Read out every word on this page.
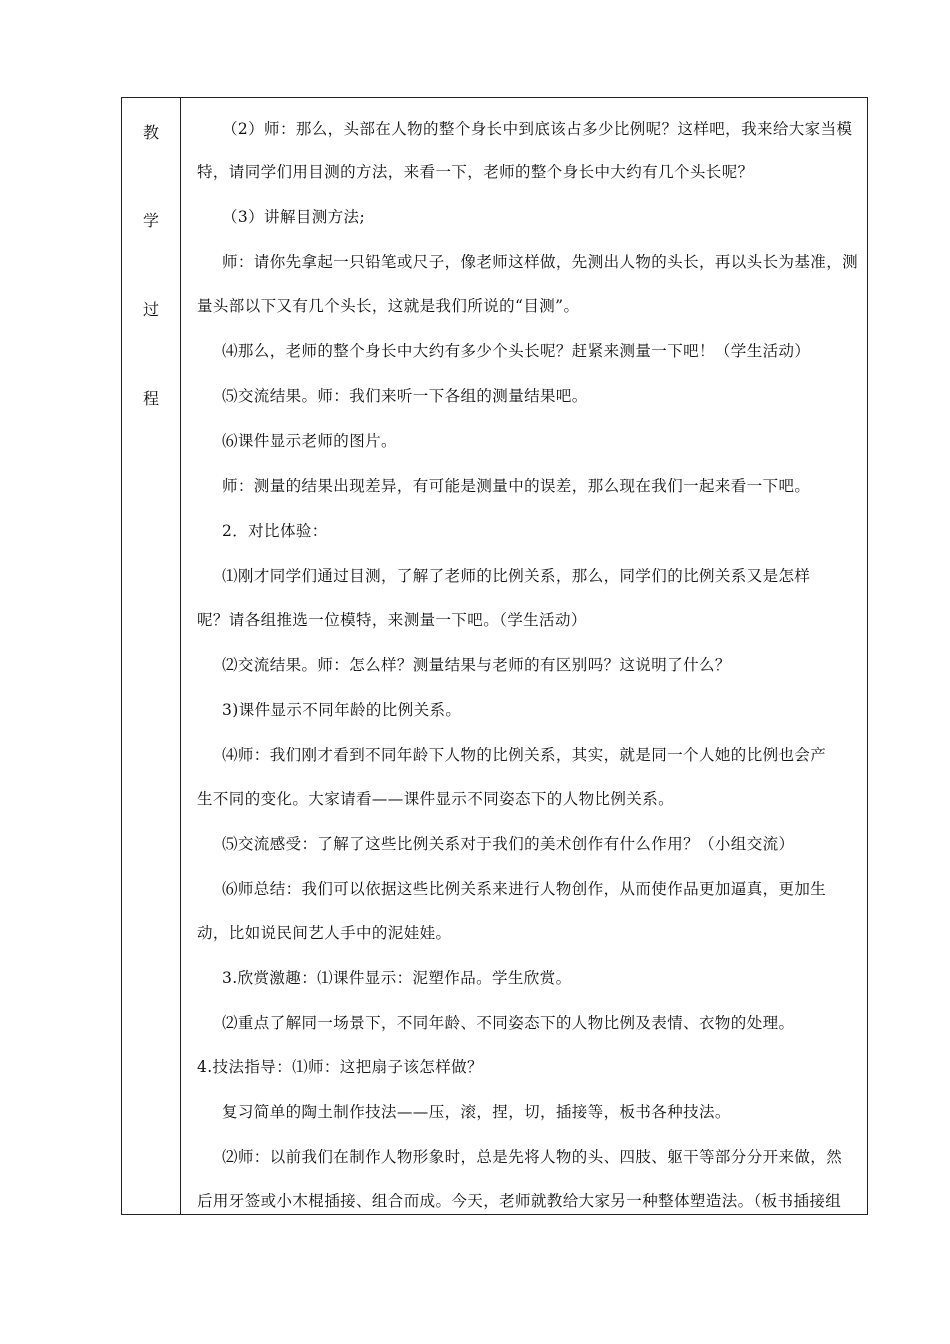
教
学
过
程
（2）师：那么，头部在人物的整个身长中到底该占多少比例呢？这样吧，我来给大家当模
特，请同学们用目测的方法，来看一下，老师的整个身长中大约有几个头长呢？
（3）讲解目测方法;
师：请你先拿起一只铅笔或尺子，像老师这样做，先测出人物的头长，再以头长为基准，测
量头部以下又有几个头长，这就是我们所说的“目测”。
⑷那么，老师的整个身长中大约有多少个头长呢？赶紧来测量一下吧！（学生活动）
⑸交流结果。师：我们来听一下各组的测量结果吧。
⑹课件显示老师的图片。
师：测量的结果出现差异，有可能是测量中的误差，那么现在我们一起来看一下吧。
2．对比体验：
⑴刚才同学们通过目测，了解了老师的比例关系，那么，同学们的比例关系又是怎样
呢？请各组推选一位模特，来测量一下吧。（学生活动）
⑵交流结果。师：怎么样？测量结果与老师的有区别吗？这说明了什么？
3)课件显示不同年龄的比例关系。
⑷师：我们刚才看到不同年龄下人物的比例关系，其实，就是同一个人她的比例也会产
生不同的变化。大家请看——课件显示不同姿态下的人物比例关系。
⑸交流感受：了解了这些比例关系对于我们的美术创作有什么作用？（小组交流）
⑹师总结：我们可以依据这些比例关系来进行人物创作，从而使作品更加逼真，更加生
动，比如说民间艺人手中的泥娃娃。
3.欣赏激趣：⑴课件显示：泥塑作品。学生欣赏。
⑵重点了解同一场景下，不同年龄、不同姿态下的人物比例及表情、衣物的处理。
4.技法指导：⑴师：这把扇子该怎样做？
复习简单的陶土制作技法——压，滚，捏，切，插接等，板书各种技法。
⑵师：以前我们在制作人物形象时，总是先将人物的头、四肢、躯干等部分分开来做，然
后用牙签或小木棍插接、组合而成。今天，老师就教给大家另一种整体塑造法。（板书插接组
